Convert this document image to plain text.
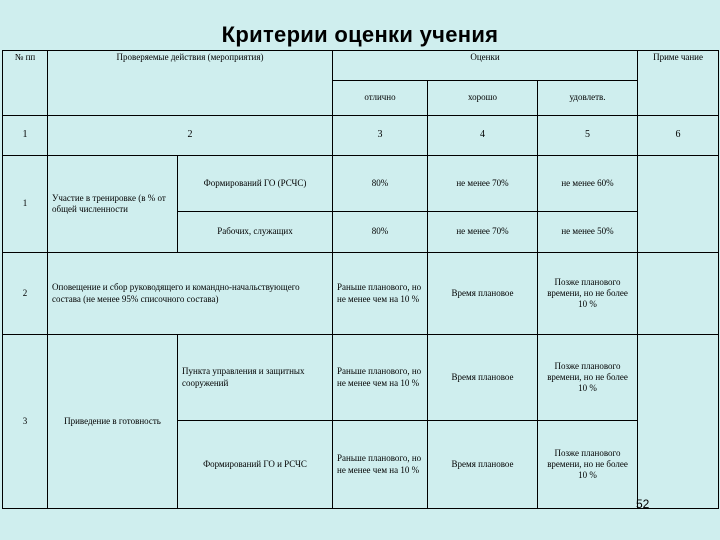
Критерии оценки учения
№ пп	Проверяемые действия (мероприятия)		Оценки			Приме чание
			отлично	хорошо	удовлетв.	
1	2		3	4	5	6
1	Участие в тренировке (в % от общей численности	Формирований ГО (РСЧС)	80%	не менее 70%	не менее 60%	
		Рабочих, служащих	80%	не менее 70%	не менее 50%	
2	Оповещение и сбор руководящего и командно-начальствующего состава (не менее 95% списочного состава)		Раньше планового, но не менее чем на 10 %	Время плановое	Позже планового времени, но не более 10 %	
3	Приведение в готовность	Пункта управления и защитных сооружений	Раньше планового, но не менее чем на 10 %	Время плановое	Позже планового времени, но не более 10 %	
		Формирований ГО и РСЧС	Раньше планового, но не менее чем на 10 %	Время плановое	Позже планового времени, но не более 10 %	
52
